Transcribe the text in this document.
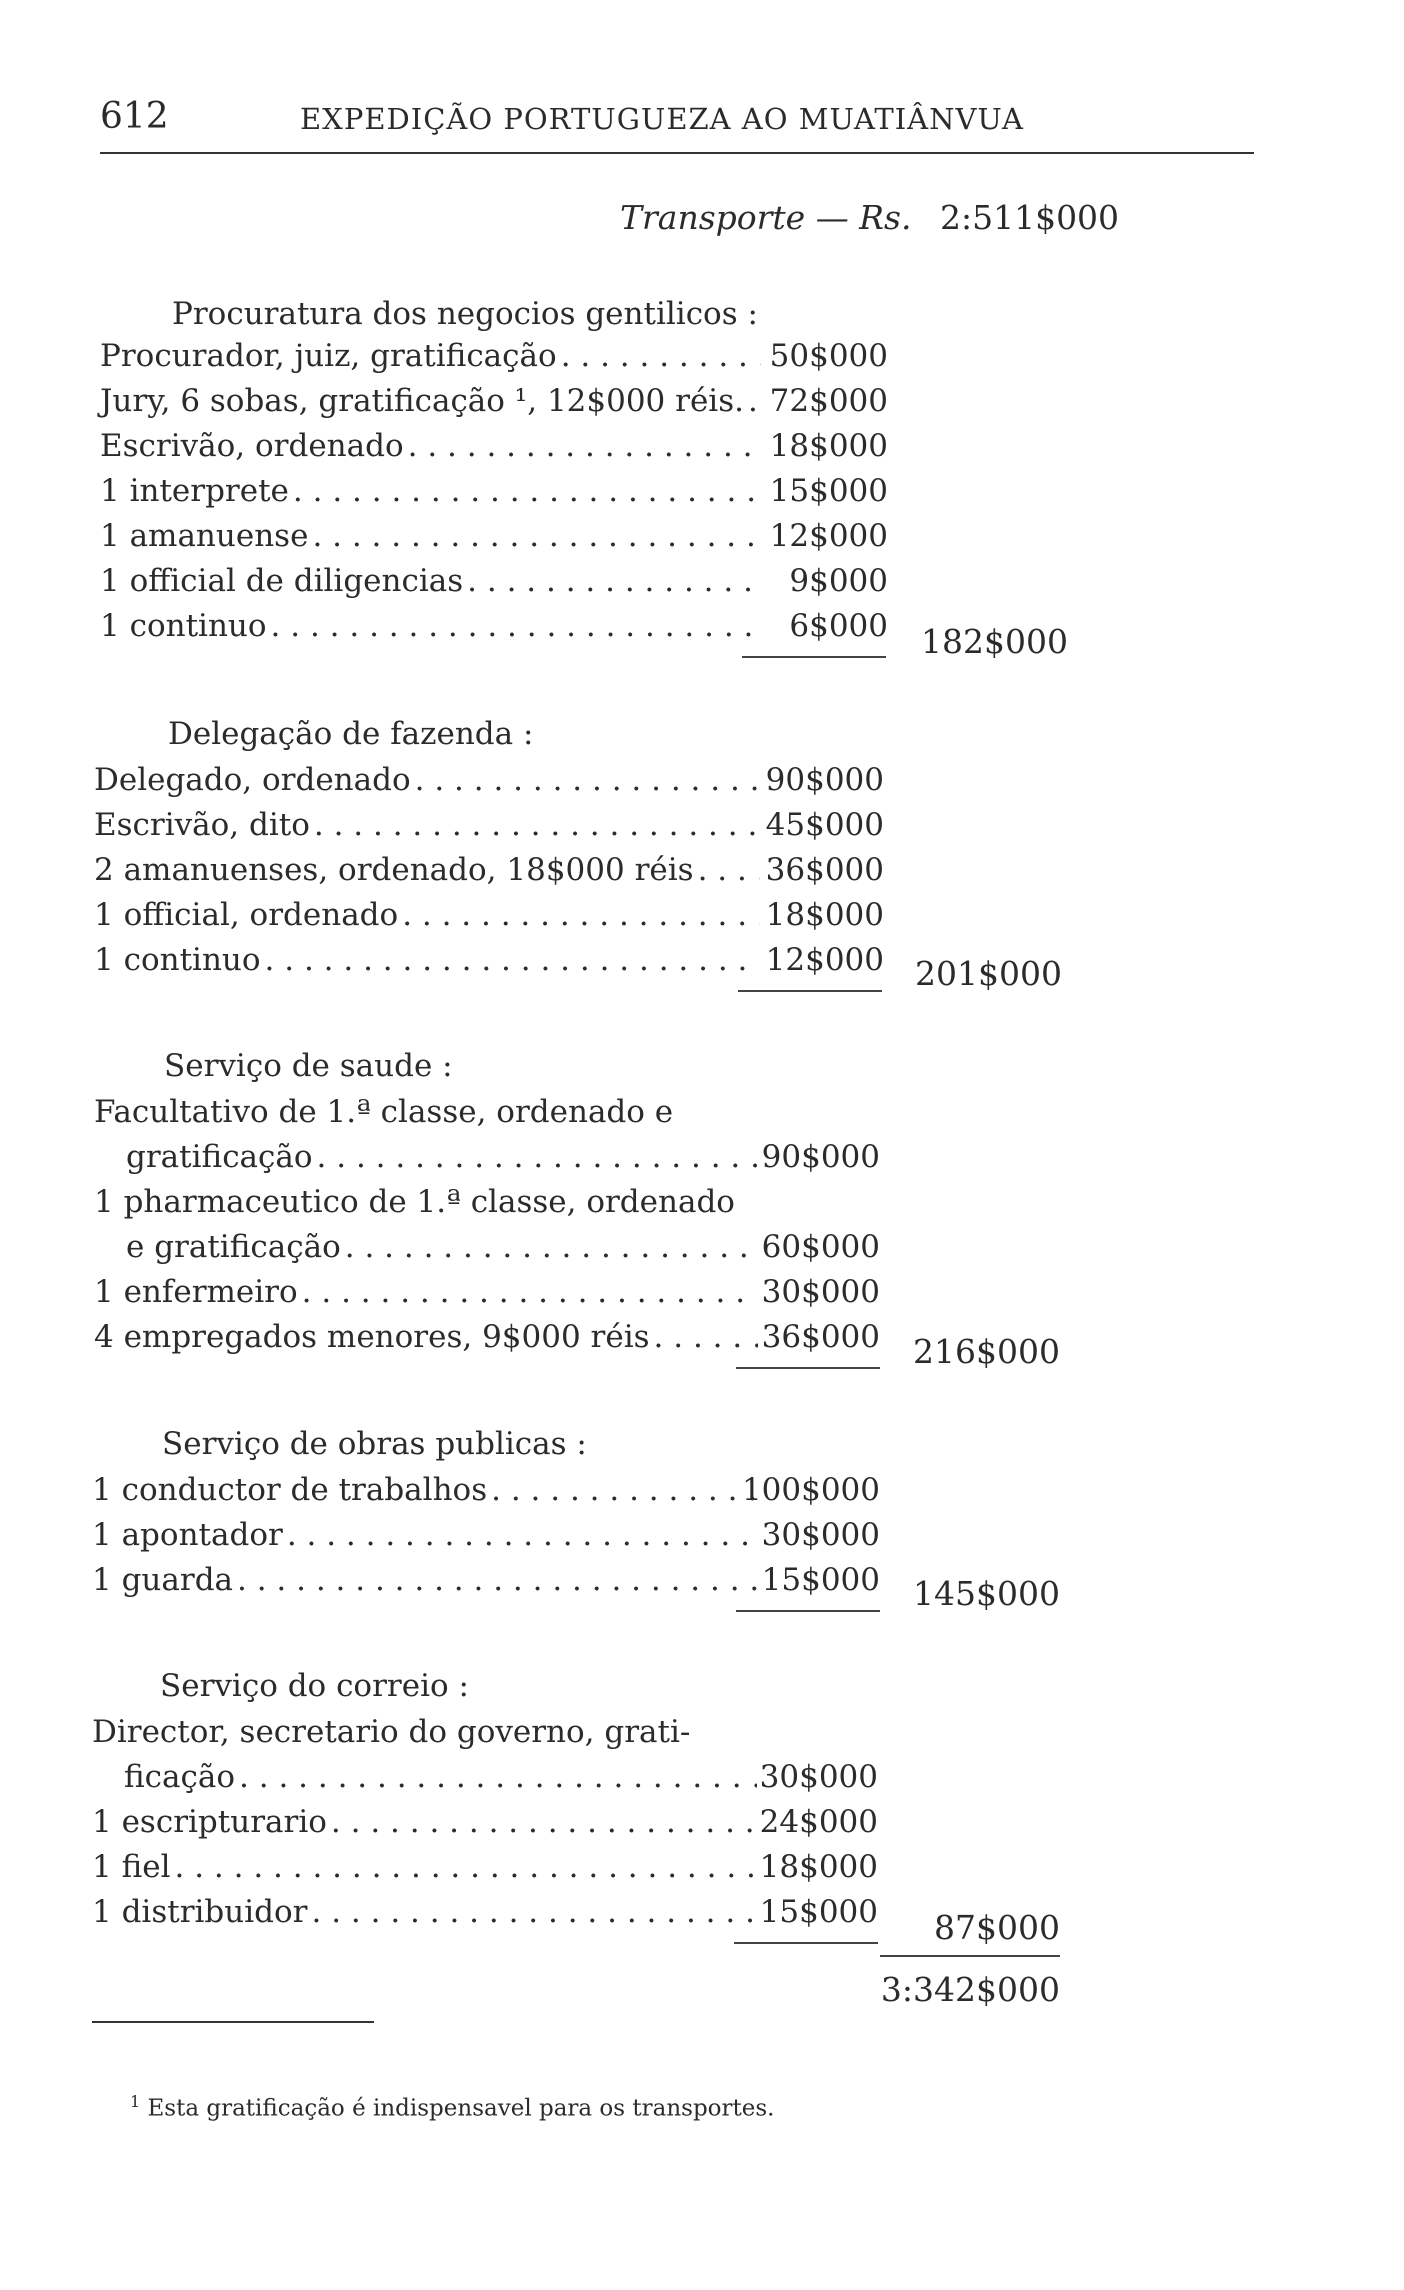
612	EXPEDIÇÃO PORTUGUEZA AO MUATIÂNVUA
Transporte — Rs. 2:511$000
Procuratura dos negocios gentilicos :
Procurador, juiz, gratificação . . .	50$000
Jury, 6 sobas, gratificação ¹, 12$000 réis. . . . 72$000
Escrivão, ordenado . . .	18$000
1 interprete . . .	15$000
1 amanuense . . .	12$000
1 official de diligencias . . .	9$000
1 continuo . . .	6$000	182$000
Delegação de fazenda :
Delegado, ordenado . . .	90$000
Escrivão, dito . . .	45$000
2 amanuenses, ordenado, 18$000 réis . . .	36$000
1 official, ordenado . . .	18$000
1 continuo . . .	12$000 201$000
Serviço de saude :
Facultativo de 1.ª classe, ordenado e
gratificação . . .	90$000
1 pharmaceutico de 1.ª classe, ordenado
e gratificação . . .	60$000
1 enfermeiro . . .	30$000
4 empregados menores, 9$000 réis . . .	36$000	216$000
Serviço de obras publicas :
1 conductor de trabalhos . . .	100$000
1 apontador . . .	30$000
1 guarda . . .	15$000	145$000
Serviço do correio :
Director, secretario do governo, grati-
ficação . . .	30$000
1 escripturario . . .	24$000
1 fiel . . .	18$000
1 distribuidor . . .	15$000	87$000
3:342$000
$^1$ Esta gratificação é indispensavel para os transportes.
